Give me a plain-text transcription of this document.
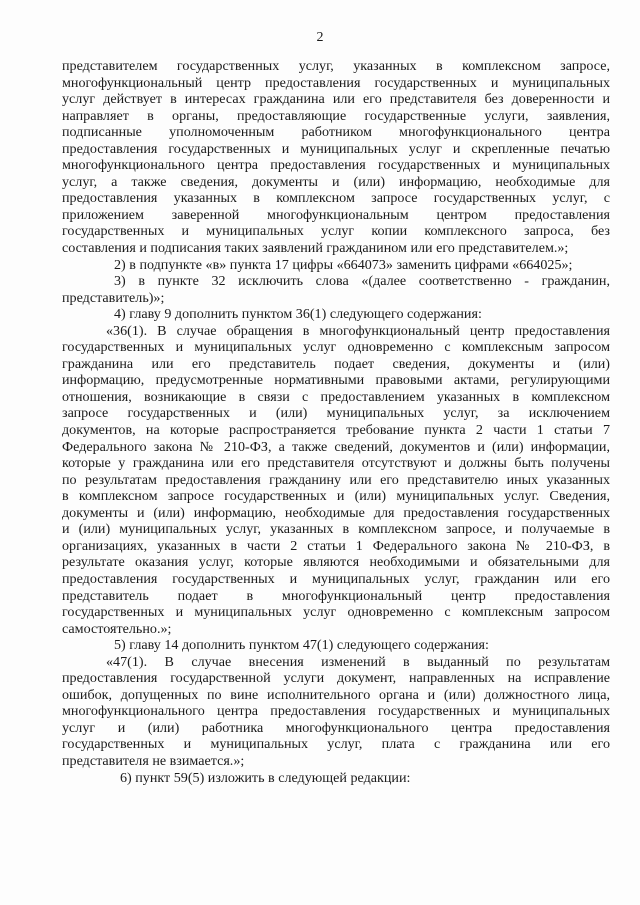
2
представителем государственных услуг, указанных в комплексном запросе,
многофункциональный центр предоставления государственных и муниципальных
услуг действует в интересах гражданина или его представителя без доверенности и
направляет в органы, предоставляющие государственные услуги, заявления,
подписанные уполномоченным работником многофункционального центра
предоставления государственных и муниципальных услуг и скрепленные печатью
многофункционального центра предоставления государственных и муниципальных
услуг, а также сведения, документы и (или) информацию, необходимые для
предоставления указанных в комплексном запросе государственных услуг, с
приложением заверенной многофункциональным центром предоставления
государственных и муниципальных услуг копии комплексного запроса, без
составления и подписания таких заявлений гражданином или его представителем.»;
2) в подпункте «в» пункта 17 цифры «664073» заменить цифрами «664025»;
3) в пункте 32 исключить слова «(далее соответственно - гражданин,
представитель)»;
4) главу 9 дополнить пунктом 36(1) следующего содержания:
«36(1). В случае обращения в многофункциональный центр предоставления
государственных и муниципальных услуг одновременно с комплексным запросом
гражданина или его представитель подает сведения, документы и (или)
информацию, предусмотренные нормативными правовыми актами, регулирующими
отношения, возникающие в связи с предоставлением указанных в комплексном
запросе государственных и (или) муниципальных услуг, за исключением
документов, на которые распространяется требование пункта 2 части 1 статьи 7
Федерального закона № 210-ФЗ, а также сведений, документов и (или) информации,
которые у гражданина или его представителя отсутствуют и должны быть получены
по результатам предоставления гражданину или его представителю иных указанных
в комплексном запросе государственных и (или) муниципальных услуг. Сведения,
документы и (или) информацию, необходимые для предоставления государственных
и (или) муниципальных услуг, указанных в комплексном запросе, и получаемые в
организациях, указанных в части 2 статьи 1 Федерального закона № 210-ФЗ, в
результате оказания услуг, которые являются необходимыми и обязательными для
предоставления государственных и муниципальных услуг, гражданин или его
представитель подает в многофункциональный центр предоставления
государственных и муниципальных услуг одновременно с комплексным запросом
самостоятельно.»;
5) главу 14 дополнить пунктом 47(1) следующего содержания:
«47(1). В случае внесения изменений в выданный по результатам
предоставления государственной услуги документ, направленных на исправление
ошибок, допущенных по вине исполнительного органа и (или) должностного лица,
многофункционального центра предоставления государственных и муниципальных
услуг и (или) работника многофункционального центра предоставления
государственных и муниципальных услуг, плата с гражданина или его
представителя не взимается.»;
6) пункт 59(5) изложить в следующей редакции:
